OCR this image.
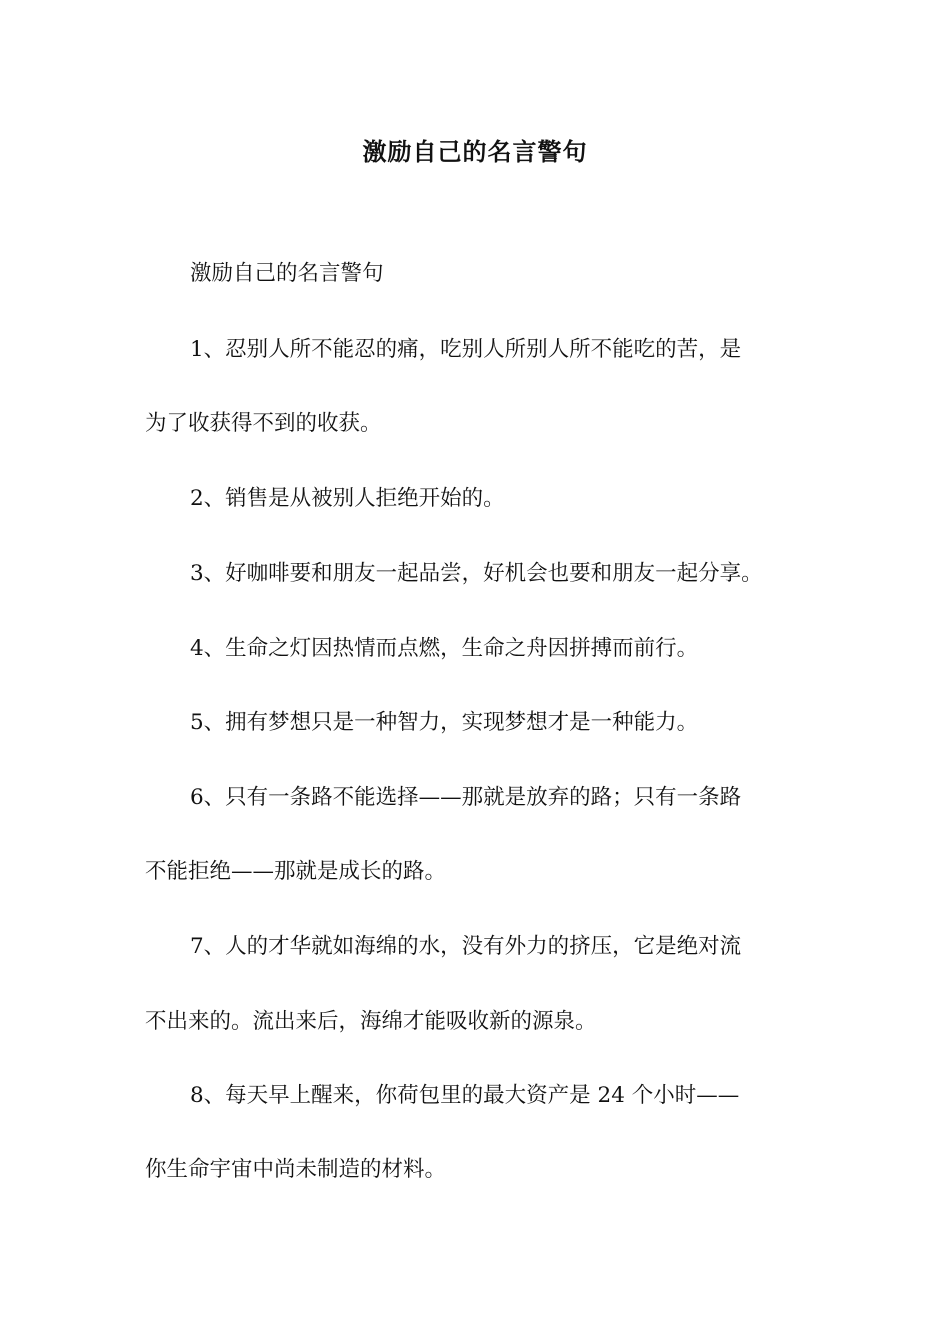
激励自己的名言警句
激励自己的名言警句
1、忍别人所不能忍的痛，吃别人所别人所不能吃的苦，是
为了收获得不到的收获。
2、销售是从被别人拒绝开始的。
3、好咖啡要和朋友一起品尝，好机会也要和朋友一起分享。
4、生命之灯因热情而点燃，生命之舟因拼搏而前行。
5、拥有梦想只是一种智力，实现梦想才是一种能力。
6、只有一条路不能选择——那就是放弃的路；只有一条路
不能拒绝——那就是成长的路。
7、人的才华就如海绵的水，没有外力的挤压，它是绝对流
不出来的。流出来后，海绵才能吸收新的源泉。
8、每天早上醒来，你荷包里的最大资产是 24 个小时——
你生命宇宙中尚未制造的材料。
